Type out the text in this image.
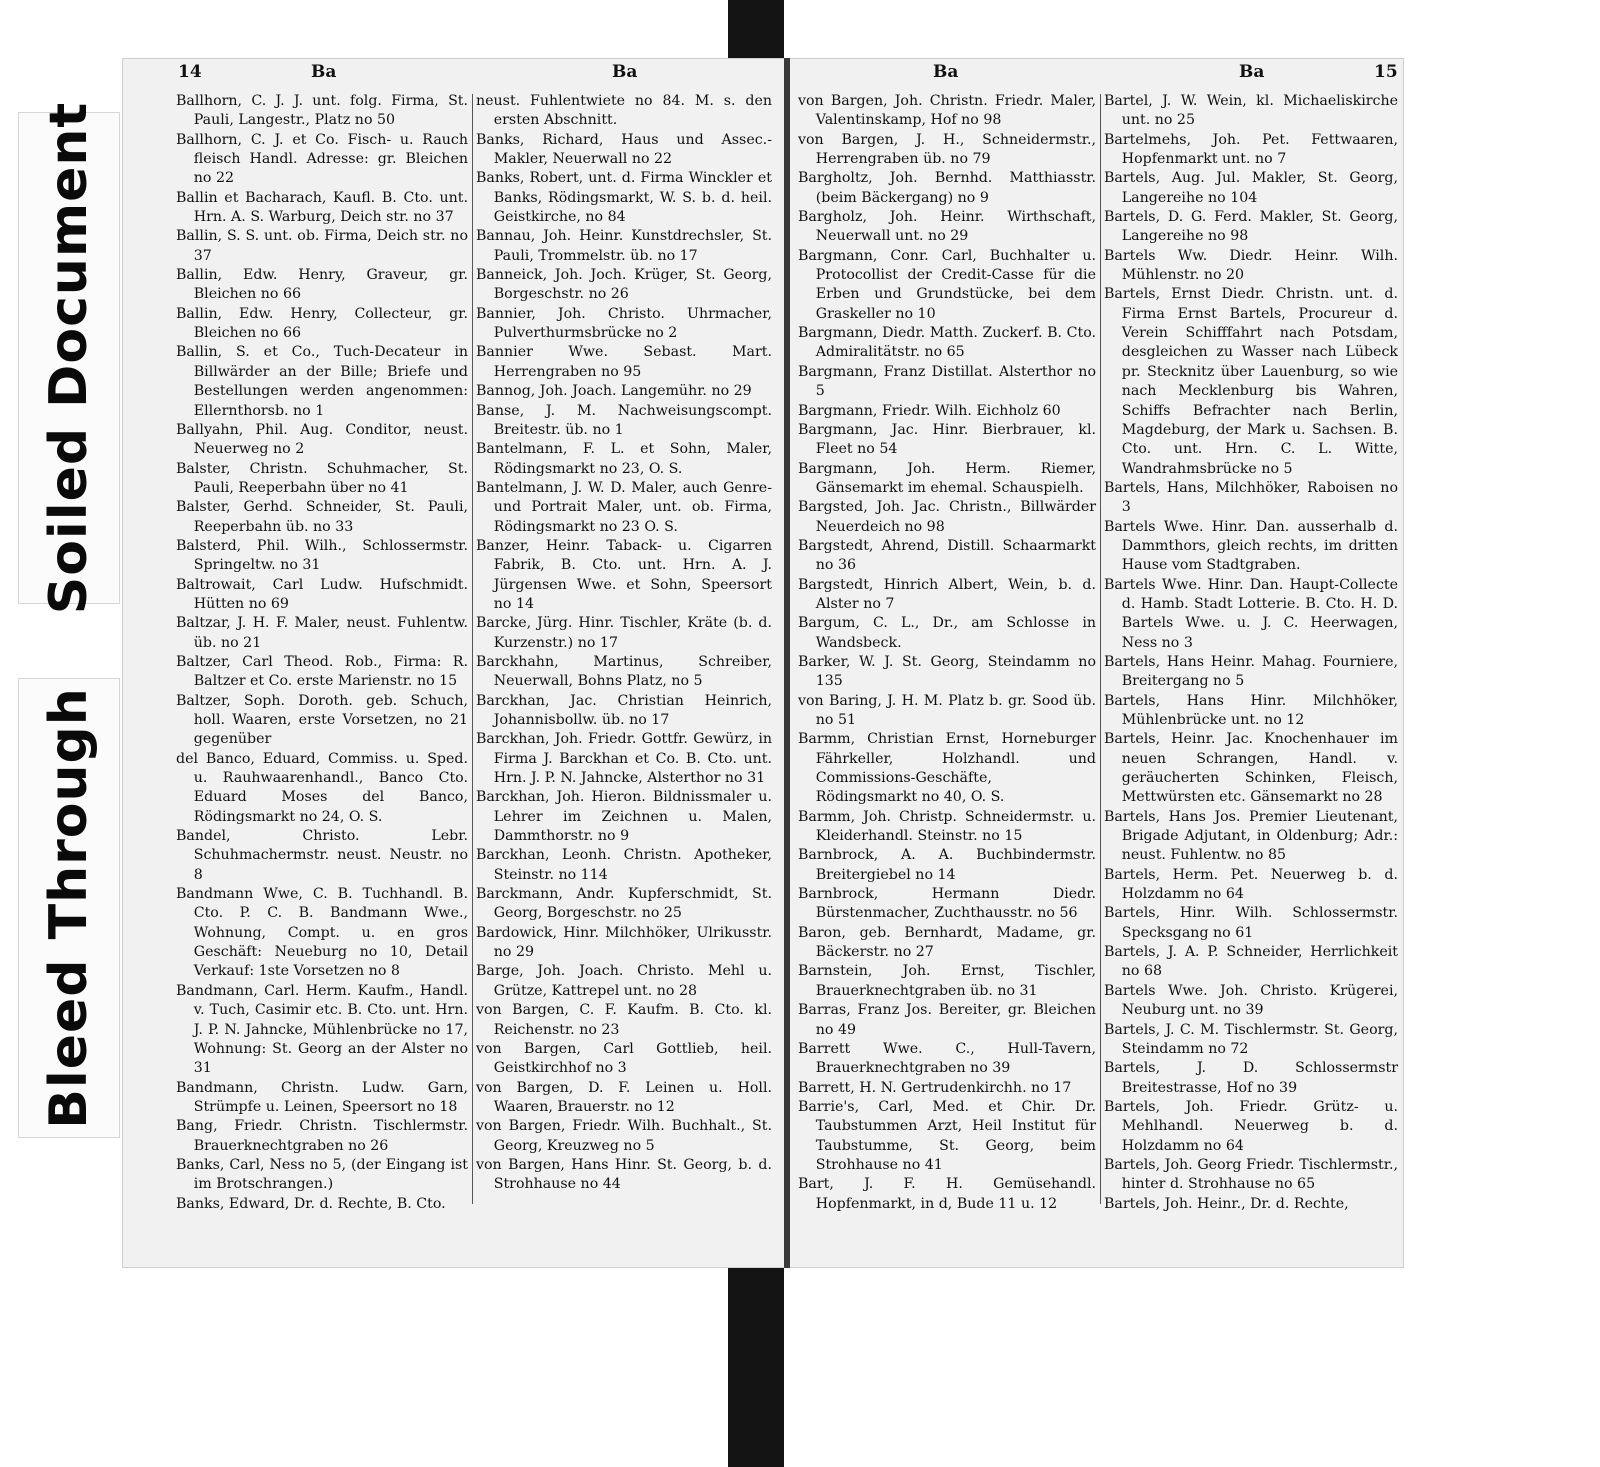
Soiled Document
Bleed Through
14	Ba	Ba	Ba	Ba	15

Ballhorn, C. J. J. unt. folg. Firma, St. Pauli, Langestr., Platz no 50

Ballhorn, C. J. et Co. Fisch- u. Rauch fleisch Handl. Adresse: gr. Bleichen no 22

Ballin et Bacharach, Kaufl. B. Cto. unt. Hrn. A. S. Warburg, Deich str. no 37

Ballin, S. S. unt. ob. Firma, Deich str. no 37

Ballin, Edw. Henry, Graveur, gr. Bleichen no 66

Ballin, Edw. Henry, Collecteur, gr. Bleichen no 66

Ballin, S. et Co., Tuch-Decateur in Billwärder an der Bille; Briefe und Bestellungen werden angenommen: Ellernthorsb. no 1

Ballyahn, Phil. Aug. Conditor, neust. Neuerweg no 2

Balster, Christn. Schuhmacher, St. Pauli, Reeperbahn über no 41

Balster, Gerhd. Schneider, St. Pauli, Reeperbahn üb. no 33

Balsterd, Phil. Wilh., Schlossermstr. Springeltw. no 31

Baltrowait, Carl Ludw. Hufschmidt. Hütten no 69

Baltzar, J. H. F. Maler, neust. Fuhlentw. üb. no 21

Baltzer, Carl Theod. Rob., Firma: R. Baltzer et Co. erste Marienstr. no 15

Baltzer, Soph. Doroth. geb. Schuch, holl. Waaren, erste Vorsetzen, no 21 gegenüber

del Banco, Eduard, Commiss. u. Sped. u. Rauhwaarenhandl., Banco Cto. Eduard Moses del Banco, Rödingsmarkt no 24, O. S.

Bandel, Christo. Lebr. Schuhmachermstr. neust. Neustr. no 8

Bandmann Wwe, C. B. Tuchhandl. B. Cto. P. C. B. Bandmann Wwe., Wohnung, Compt. u. en gros Geschäft: Neueburg no 10, Detail Verkauf: 1ste Vorsetzen no 8

Bandmann, Carl. Herm. Kaufm., Handl. v. Tuch, Casimir etc. B. Cto. unt. Hrn. J. P. N. Jahncke, Mühlenbrücke no 17, Wohnung: St. Georg an der Alster no 31

Bandmann, Christn. Ludw. Garn, Strümpfe u. Leinen, Speersort no 18

Bang, Friedr. Christn. Tischlermstr. Brauerknechtgraben no 26

Banks, Carl, Ness no 5, (der Eingang ist im Brotschrangen.)

Banks, Edward, Dr. d. Rechte, B. Cto.

neust. Fuhlentwiete no 84. M. s. den ersten Abschnitt.

Banks, Richard, Haus und Assec.-Makler, Neuerwall no 22

Banks, Robert, unt. d. Firma Winckler et Banks, Rödingsmarkt, W. S. b. d. heil. Geistkirche, no 84

Bannau, Joh. Heinr. Kunstdrechsler, St. Pauli, Trommelstr. üb. no 17

Banneick, Joh. Joch. Krüger, St. Georg, Borgeschstr. no 26

Bannier, Joh. Christo. Uhrmacher, Pulverthurmsbrücke no 2

Bannier Wwe. Sebast. Mart. Herrengraben no 95

Bannog, Joh. Joach. Langemühr. no 29

Banse, J. M. Nachweisungscompt. Breitestr. üb. no 1

Bantelmann, F. L. et Sohn, Maler, Rödingsmarkt no 23, O. S.

Bantelmann, J. W. D. Maler, auch Genre- und Portrait Maler, unt. ob. Firma, Rödingsmarkt no 23 O. S.

Banzer, Heinr. Taback- u. Cigarren Fabrik, B. Cto. unt. Hrn. A. J. Jürgensen Wwe. et Sohn, Speersort no 14

Barcke, Jürg. Hinr. Tischler, Kräte (b. d. Kurzenstr.) no 17

Barckhahn, Martinus, Schreiber, Neuerwall, Bohns Platz, no 5

Barckhan, Jac. Christian Heinrich, Johannisbollw. üb. no 17

Barckhan, Joh. Friedr. Gottfr. Gewürz, in Firma J. Barckhan et Co. B. Cto. unt. Hrn. J. P. N. Jahncke, Alsterthor no 31

Barckhan, Joh. Hieron. Bildnissmaler u. Lehrer im Zeichnen u. Malen, Dammthorstr. no 9

Barckhan, Leonh. Christn. Apotheker, Steinstr. no 114

Barckmann, Andr. Kupferschmidt, St. Georg, Borgeschstr. no 25

Bardowick, Hinr. Milchhöker, Ulrikusstr. no 29

Barge, Joh. Joach. Christo. Mehl u. Grütze, Kattrepel unt. no 28

von Bargen, C. F. Kaufm. B. Cto. kl. Reichenstr. no 23

von Bargen, Carl Gottlieb, heil. Geistkirchhof no 3

von Bargen, D. F. Leinen u. Holl. Waaren, Brauerstr. no 12

von Bargen, Friedr. Wilh. Buchhalt., St. Georg, Kreuzweg no 5

von Bargen, Hans Hinr. St. Georg, b. d. Strohhause no 44

von Bargen, Joh. Christn. Friedr. Maler, Valentinskamp, Hof no 98

von Bargen, J. H., Schneidermstr., Herrengraben üb. no 79

Bargholtz, Joh. Bernhd. Matthiasstr. (beim Bäckergang) no 9

Bargholz, Joh. Heinr. Wirthschaft, Neuerwall unt. no 29

Bargmann, Conr. Carl, Buchhalter u. Protocollist der Credit-Casse für die Erben und Grundstücke, bei dem Graskeller no 10

Bargmann, Diedr. Matth. Zuckerf. B. Cto. Admiralitätstr. no 65

Bargmann, Franz Distillat. Alsterthor no 5

Bargmann, Friedr. Wilh. Eichholz 60

Bargmann, Jac. Hinr. Bierbrauer, kl. Fleet no 54

Bargmann, Joh. Herm. Riemer, Gänsemarkt im ehemal. Schauspielh.

Bargsted, Joh. Jac. Christn., Billwärder Neuerdeich no 98

Bargstedt, Ahrend, Distill. Schaarmarkt no 36

Bargstedt, Hinrich Albert, Wein, b. d. Alster no 7

Bargum, C. L., Dr., am Schlosse in Wandsbeck.

Barker, W. J. St. Georg, Steindamm no 135

von Baring, J. H. M. Platz b. gr. Sood üb. no 51

Barmm, Christian Ernst, Horneburger Fährkeller, Holzhandl. und Commissions-Geschäfte, Rödingsmarkt no 40, O. S.

Barmm, Joh. Christp. Schneidermstr. u. Kleiderhandl. Steinstr. no 15

Barnbrock, A. A. Buchbindermstr. Breitergiebel no 14

Barnbrock, Hermann Diedr. Bürstenmacher, Zuchthausstr. no 56

Baron, geb. Bernhardt, Madame, gr. Bäckerstr. no 27

Barnstein, Joh. Ernst, Tischler, Brauerknechtgraben üb. no 31

Barras, Franz Jos. Bereiter, gr. Bleichen no 49

Barrett Wwe. C., Hull-Tavern, Brauerknechtgraben no 39

Barrett, H. N. Gertrudenkirchh. no 17

Barrie's, Carl, Med. et Chir. Dr. Taubstummen Arzt, Heil Institut für Taubstumme, St. Georg, beim Strohhause no 41

Bart, J. F. H. Gemüsehandl. Hopfenmarkt, in d, Bude 11 u. 12

Bartel, J. W. Wein, kl. Michaeliskirche unt. no 25

Bartelmehs, Joh. Pet. Fettwaaren, Hopfenmarkt unt. no 7

Bartels, Aug. Jul. Makler, St. Georg, Langereihe no 104

Bartels, D. G. Ferd. Makler, St. Georg, Langereihe no 98

Bartels Ww. Diedr. Heinr. Wilh. Mühlenstr. no 20

Bartels, Ernst Diedr. Christn. unt. d. Firma Ernst Bartels, Procureur d. Verein Schifffahrt nach Potsdam, desgleichen zu Wasser nach Lübeck pr. Stecknitz über Lauenburg, so wie nach Mecklenburg bis Wahren, Schiffs Befrachter nach Berlin, Magdeburg, der Mark u. Sachsen. B. Cto. unt. Hrn. C. L. Witte, Wandrahmsbrücke no 5

Bartels, Hans, Milchhöker, Raboisen no 3

Bartels Wwe. Hinr. Dan. ausserhalb d. Dammthors, gleich rechts, im dritten Hause vom Stadtgraben.

Bartels Wwe. Hinr. Dan. Haupt-Collecte d. Hamb. Stadt Lotterie. B. Cto. H. D. Bartels Wwe. u. J. C. Heerwagen, Ness no 3

Bartels, Hans Heinr. Mahag. Fourniere, Breitergang no 5

Bartels, Hans Hinr. Milchhöker, Mühlenbrücke unt. no 12

Bartels, Heinr. Jac. Knochenhauer im neuen Schrangen, Handl. v. geräucherten Schinken, Fleisch, Mettwürsten etc. Gänsemarkt no 28

Bartels, Hans Jos. Premier Lieutenant, Brigade Adjutant, in Oldenburg; Adr.: neust. Fuhlentw. no 85

Bartels, Herm. Pet. Neuerweg b. d. Holzdamm no 64

Bartels, Hinr. Wilh. Schlossermstr. Specksgang no 61

Bartels, J. A. P. Schneider, Herrlichkeit no 68

Bartels Wwe. Joh. Christo. Krügerei, Neuburg unt. no 39

Bartels, J. C. M. Tischlermstr. St. Georg, Steindamm no 72

Bartels, J. D. Schlossermstr Breitestrasse, Hof no 39

Bartels, Joh. Friedr. Grütz- u. Mehlhandl. Neuerweg b. d. Holzdamm no 64

Bartels, Joh. Georg Friedr. Tischlermstr., hinter d. Strohhause no 65

Bartels, Joh. Heinr., Dr. d. Rechte,
